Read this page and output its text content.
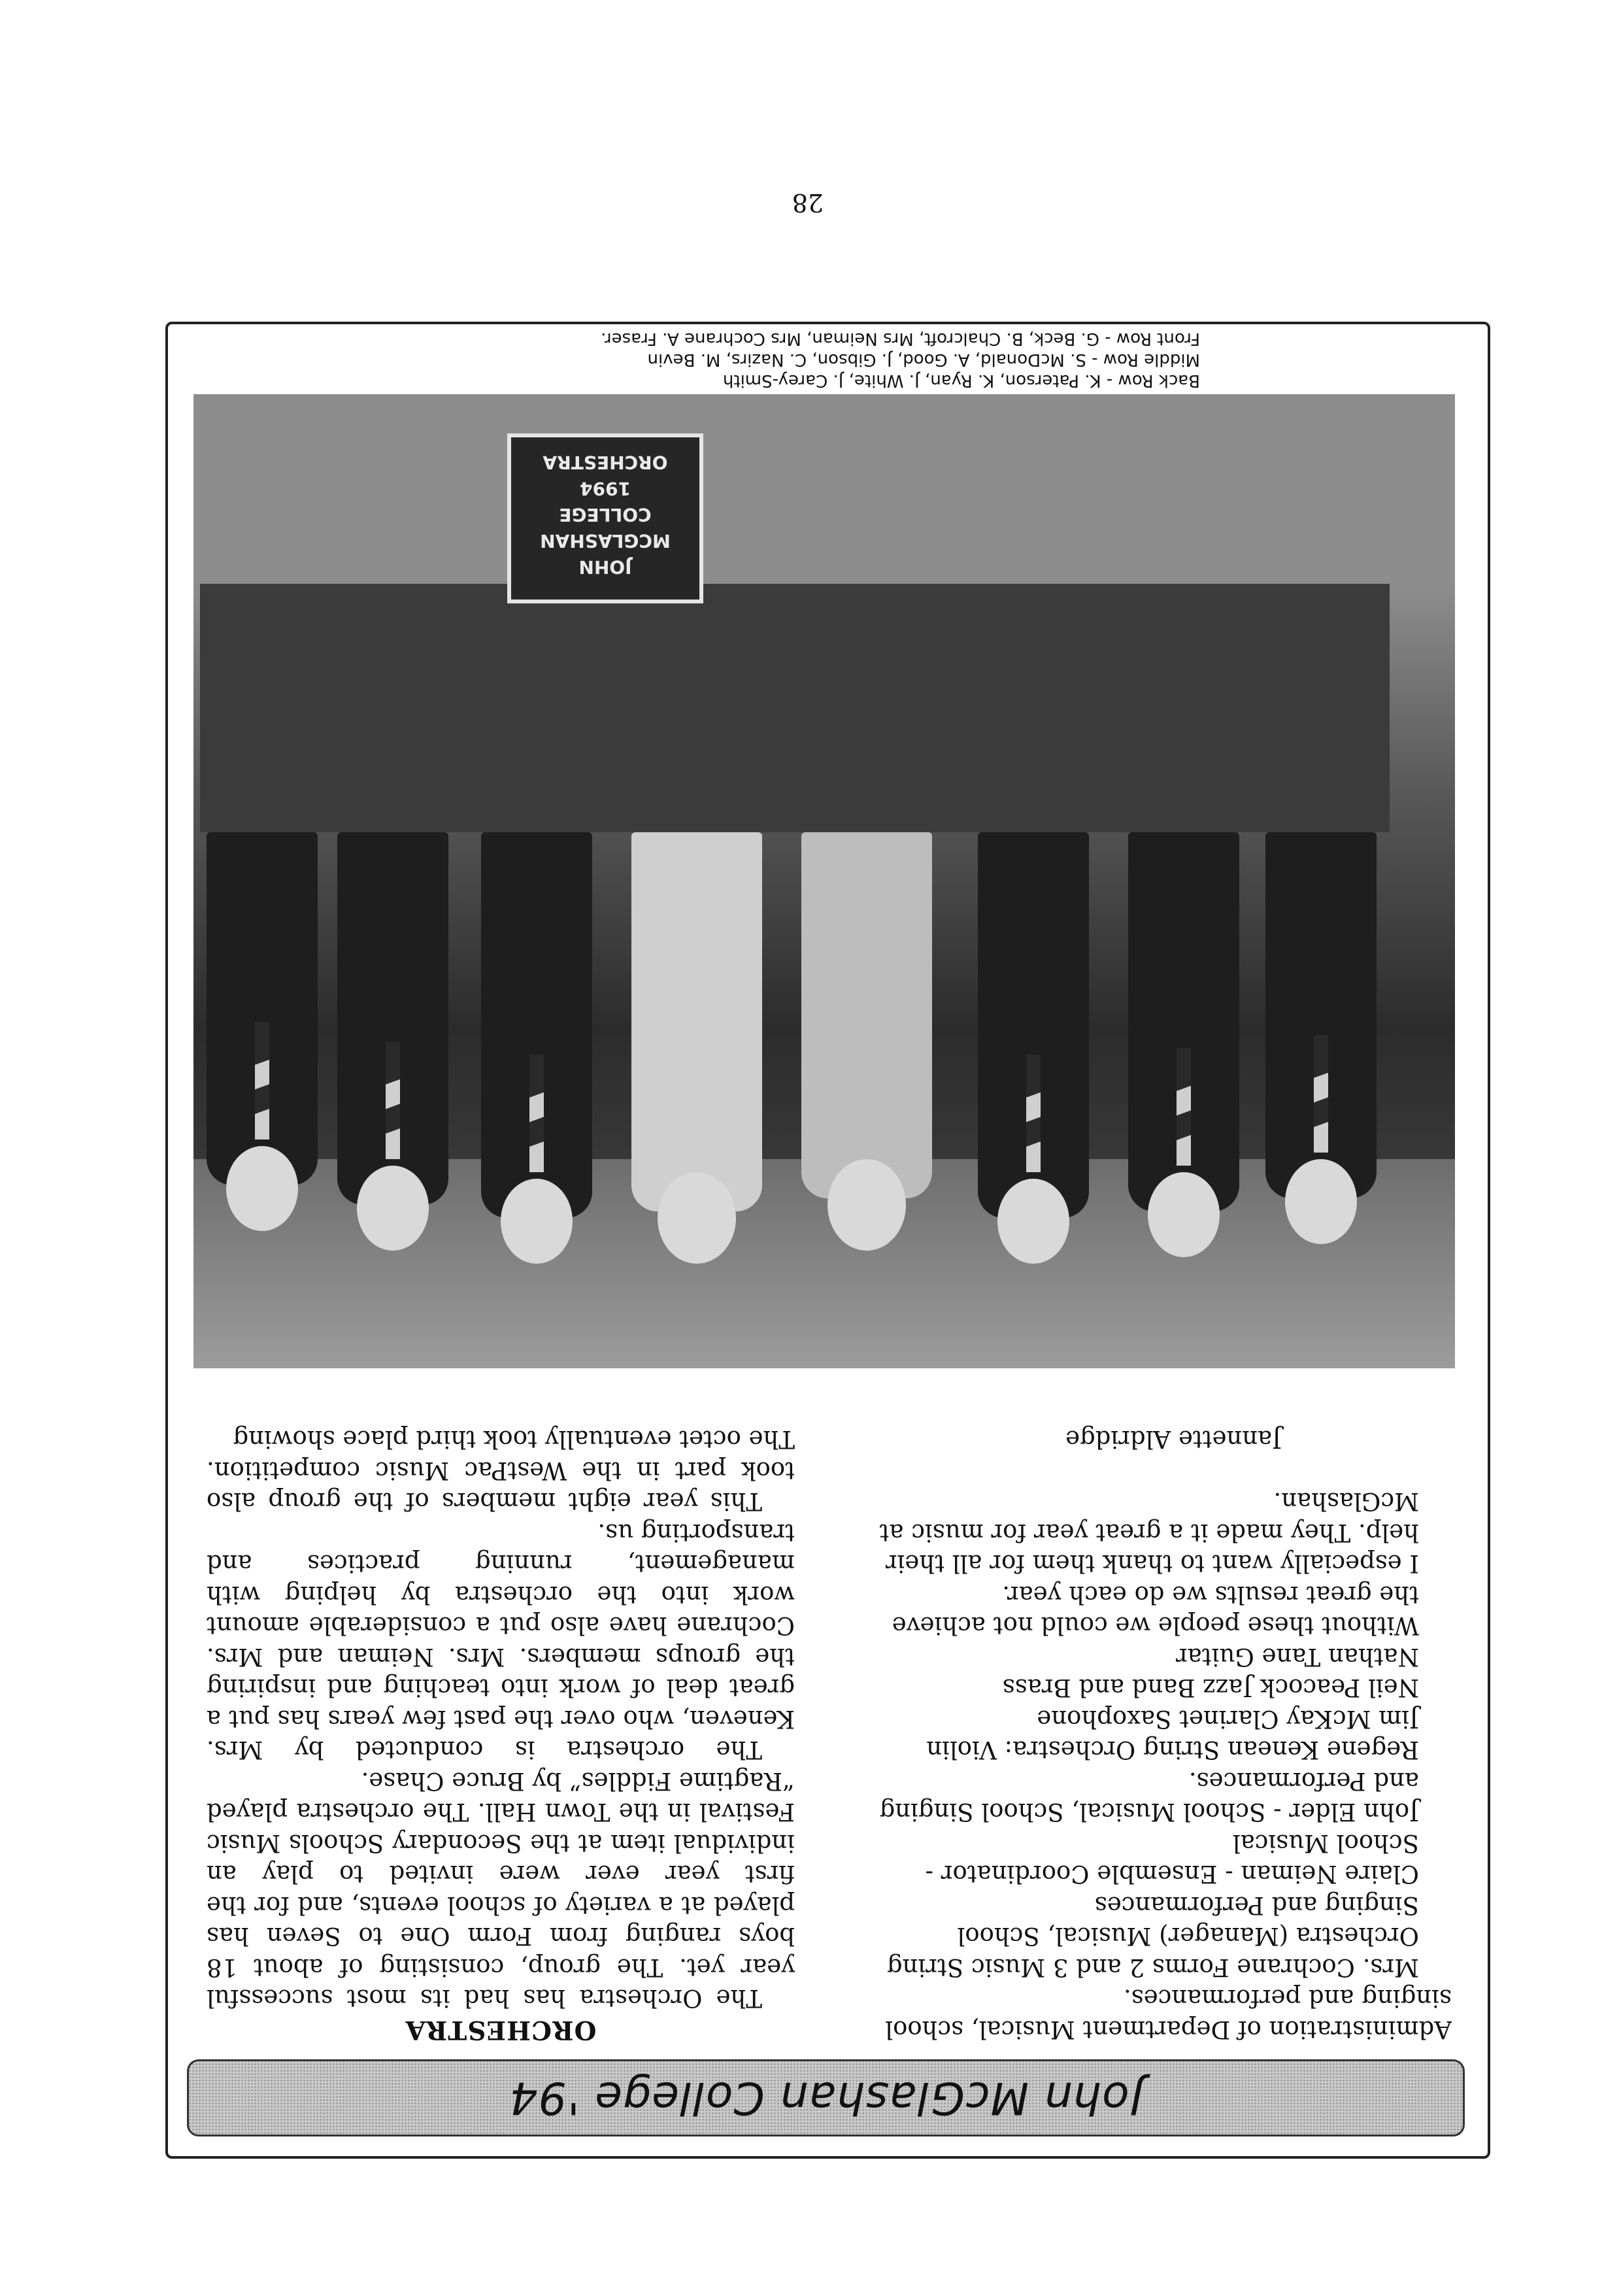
John McGlashan College '94

Administration of Department Musical, school singing and performances.

Mrs. Cochrane Forms 2 and 3 Music String Orchestra (Manager) Musical, School Singing and Performances

Claire Neiman - Ensemble Coordinator - School Musical

John Elder - School Musical, School Singing and Performances.

Regene Kenean String Orchestra: Violin

Jim McKay Clarinet Saxophone

Neil Peacock Jazz Band and Brass

Nathan Tane Guitar

Without these people we could not achieve the great results we do each year.

I especially want to thank them for all their help. They made it a great year for music at McGlashan.

Jannette Aldridge

ORCHESTRA

The Orchestra has had its most successful year yet. The group, consisting of about 18 boys ranging from Form One to Seven has played at a variety of school events, and for the first year ever were invited to play an individual item at the Secondary Schools Music Festival in the Town Hall. The orchestra played “Ragtime Fiddles” by Bruce Chase.

The orchestra is conducted by Mrs. Keneven, who over the past few years has put a great deal of work into teaching and inspiring the groups members. Mrs. Neiman and Mrs. Cochrane have also put a considerable amount work into the orchestra by helping with management, running practices and transporting us.

This year eight members of the group also took part in the WestPac Music competition. The octet eventually took third place showing

JOHN MCGLASHAN
COLLEGE
1994
ORCHESTRA

Back Row - K. Paterson, K. Ryan, J. White, J. Carey-Smith

Middle Row - S. McDonald, A. Good, J. Gibson, C. Nazirs, M. Bevin

Front Row - G. Beck, B. Chalcroft, Mrs Neiman, Mrs Cochrane A. Fraser.

28
